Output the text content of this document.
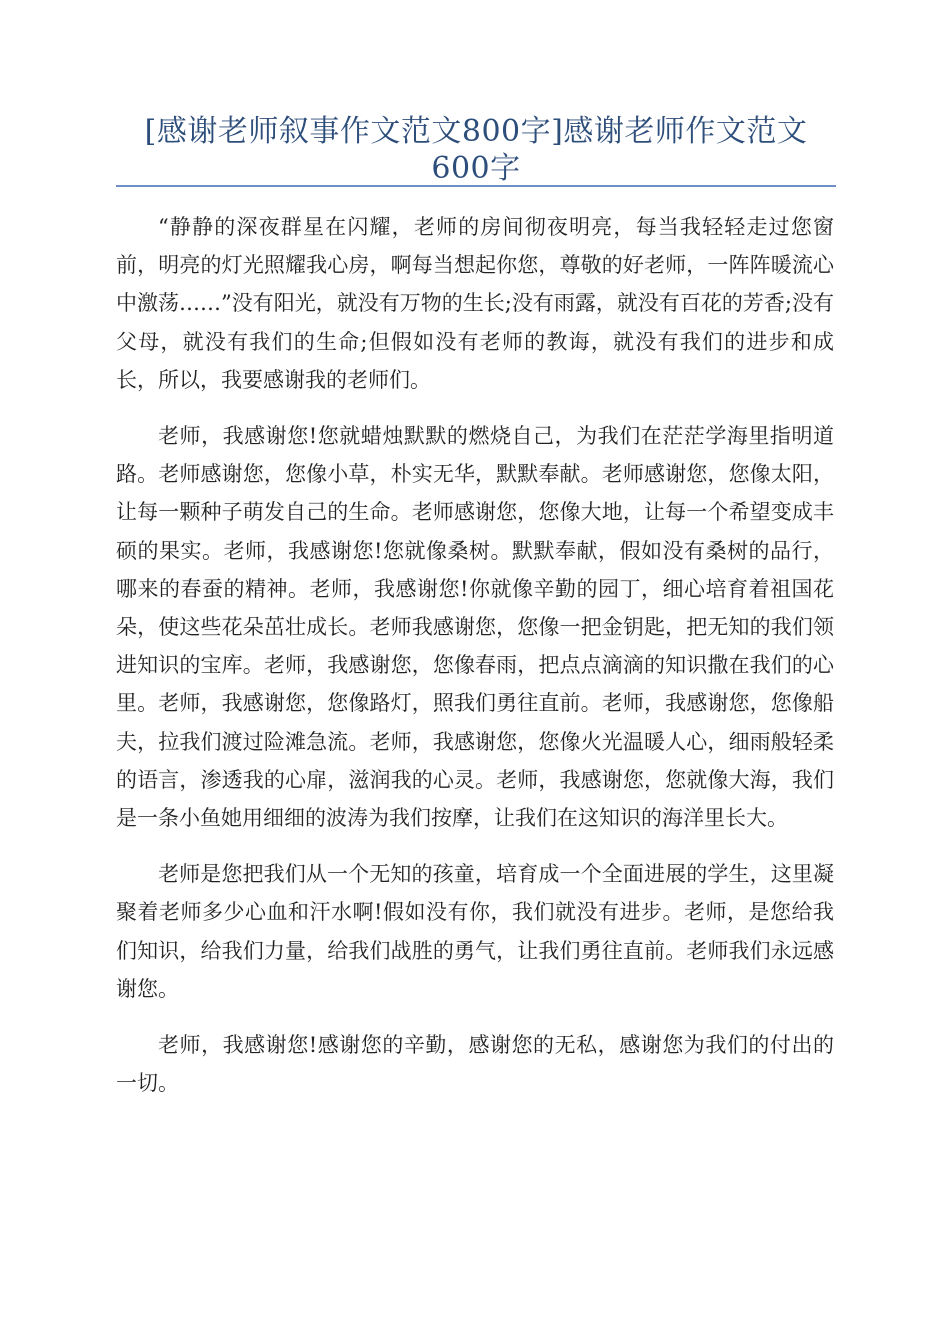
[感谢老师叙事作文范文800字]感谢老师作文范文600字

“静静的深夜群星在闪耀，老师的房间彻夜明亮，每当我轻轻走过您窗前，明亮的灯光照耀我心房，啊每当想起你您，尊敬的好老师，一阵阵暖流心中激荡……”没有阳光，就没有万物的生长;没有雨露，就没有百花的芳香;没有父母，就没有我们的生命;但假如没有老师的教诲，就没有我们的进步和成长，所以，我要感谢我的老师们。

老师，我感谢您!您就蜡烛默默的燃烧自己，为我们在茫茫学海里指明道路。老师感谢您，您像小草，朴实无华，默默奉献。老师感谢您，您像太阳，让每一颗种子萌发自己的生命。老师感谢您，您像大地，让每一个希望变成丰硕的果实。老师，我感谢您!您就像桑树。默默奉献，假如没有桑树的品行，哪来的春蚕的精神。老师，我感谢您!你就像辛勤的园丁，细心培育着祖国花朵，使这些花朵茁壮成长。老师我感谢您，您像一把金钥匙，把无知的我们领进知识的宝库。老师，我感谢您，您像春雨，把点点滴滴的知识撒在我们的心里。老师，我感谢您，您像路灯，照我们勇往直前。老师，我感谢您，您像船夫，拉我们渡过险滩急流。老师，我感谢您，您像火光温暖人心，细雨般轻柔的语言，渗透我的心扉，滋润我的心灵。老师，我感谢您，您就像大海，我们是一条小鱼她用细细的波涛为我们按摩，让我们在这知识的海洋里长大。

老师是您把我们从一个无知的孩童，培育成一个全面进展的学生，这里凝聚着老师多少心血和汗水啊!假如没有你，我们就没有进步。老师，是您给我们知识，给我们力量，给我们战胜的勇气，让我们勇往直前。老师我们永远感谢您。

老师，我感谢您!感谢您的辛勤，感谢您的无私，感谢您为我们的付出的一切。
